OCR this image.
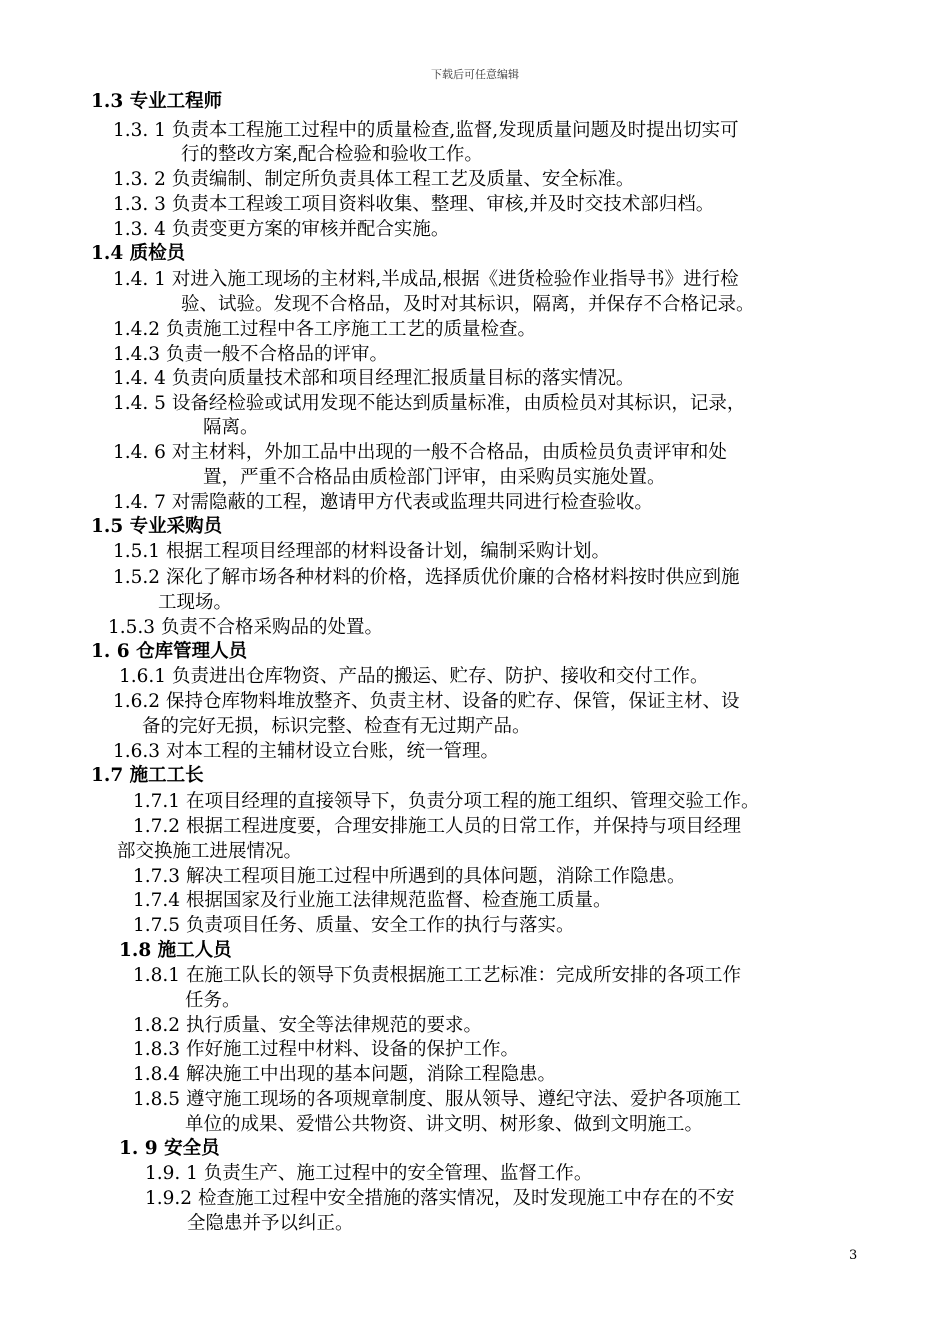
下载后可任意编辑
1.3 专业工程师
1.3. 1 负责本工程施工过程中的质量检查,监督,发现质量问题及时提出切实可
行的整改方案,配合检验和验收工作。
1.3. 2 负责编制、制定所负责具体工程工艺及质量、安全标准。
1.3. 3 负责本工程竣工项目资料收集、整理、审核,并及时交技术部归档。
1.3. 4 负责变更方案的审核并配合实施。
1.4 质检员
1.4. 1 对进入施工现场的主材料,半成品,根据《进货检验作业指导书》进行检
验、试验。发现不合格品，及时对其标识，隔离，并保存不合格记录。
1.4.2 负责施工过程中各工序施工工艺的质量检查。
1.4.3 负责一般不合格品的评审。
1.4. 4 负责向质量技术部和项目经理汇报质量目标的落实情况。
1.4. 5 设备经检验或试用发现不能达到质量标准，由质检员对其标识，记录，
隔离。
1.4. 6 对主材料，外加工品中出现的一般不合格品，由质检员负责评审和处
置，严重不合格品由质检部门评审，由采购员实施处置。
1.4. 7 对需隐蔽的工程，邀请甲方代表或监理共同进行检查验收。
1.5 专业采购员
1.5.1 根据工程项目经理部的材料设备计划，编制采购计划。
1.5.2 深化了解市场各种材料的价格，选择质优价廉的合格材料按时供应到施
工现场。
1.5.3 负责不合格采购品的处置。
1. 6 仓库管理人员
1.6.1 负责进出仓库物资、产品的搬运、贮存、防护、接收和交付工作。
1.6.2 保持仓库物料堆放整齐、负责主材、设备的贮存、保管，保证主材、设
备的完好无损，标识完整、检查有无过期产品。
1.6.3 对本工程的主辅材设立台账，统一管理。
1.7 施工工长
1.7.1 在项目经理的直接领导下，负责分项工程的施工组织、管理交验工作。
1.7.2 根据工程进度要，合理安排施工人员的日常工作，并保持与项目经理
部交换施工进展情况。
1.7.3 解决工程项目施工过程中所遇到的具体问题，消除工作隐患。
1.7.4 根据国家及行业施工法律规范监督、检查施工质量。
1.7.5 负责项目任务、质量、安全工作的执行与落实。
1.8 施工人员
1.8.1 在施工队长的领导下负责根据施工工艺标准：完成所安排的各项工作
任务。
1.8.2 执行质量、安全等法律规范的要求。
1.8.3 作好施工过程中材料、设备的保护工作。
1.8.4 解决施工中出现的基本问题，消除工程隐患。
1.8.5 遵守施工现场的各项规章制度、服从领导、遵纪守法、爱护各项施工
单位的成果、爱惜公共物资、讲文明、树形象、做到文明施工。
1. 9 安全员
1.9. 1 负责生产、施工过程中的安全管理、监督工作。
1.9.2 检查施工过程中安全措施的落实情况，及时发现施工中存在的不安
全隐患并予以纠正。
3
